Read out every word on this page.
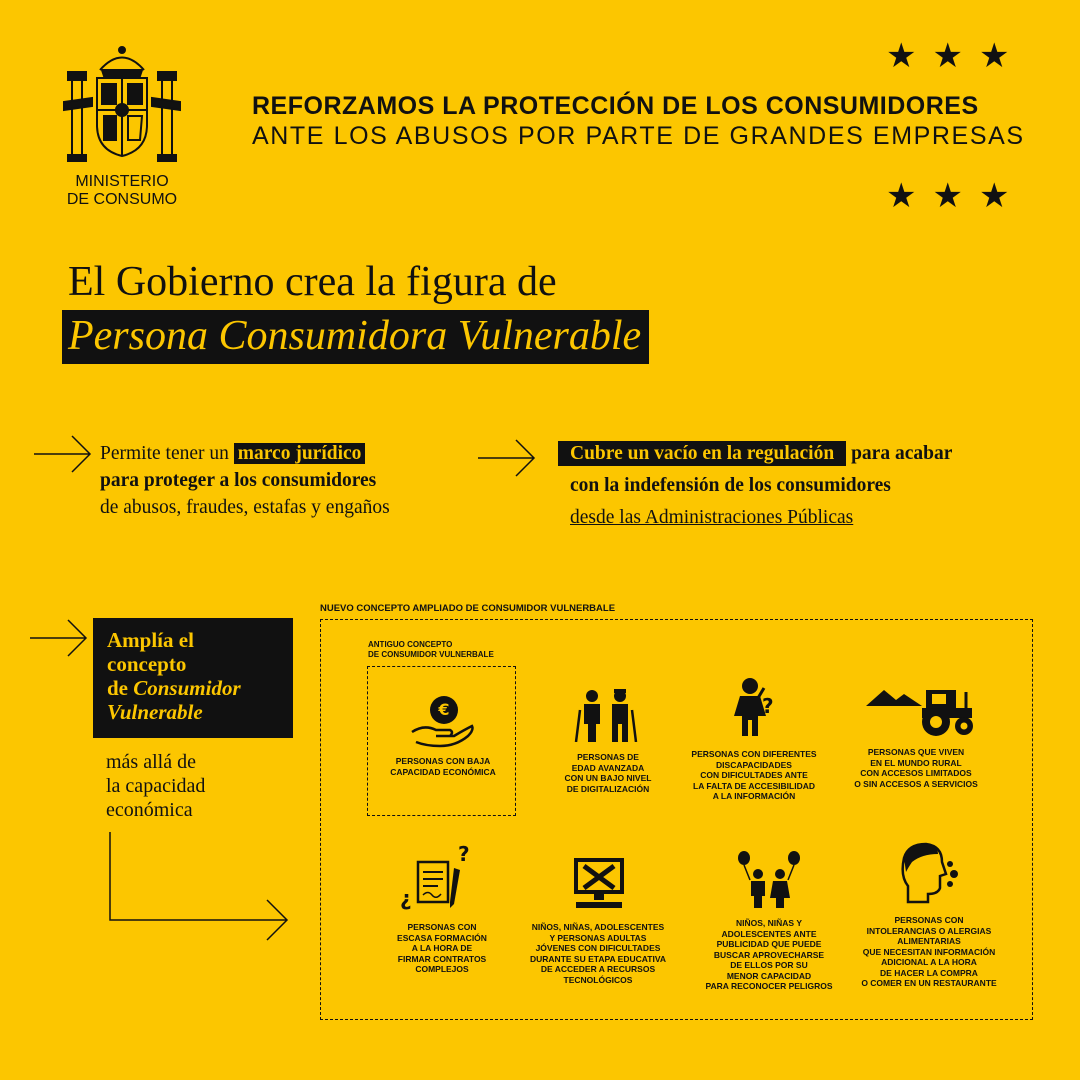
MINISTERIO
DE CONSUMO
★★★
REFORZAMOS LA PROTECCIÓN DE LOS CONSUMIDORES
ANTE LOS ABUSOS POR PARTE DE GRANDES EMPRESAS
★★★
El Gobierno crea la figura de
Persona Consumidora Vulnerable
Permite tener un marco jurídico
para proteger a los consumidores
de abusos, fraudes, estafas y engaños
Cubre un vacío en la regulación para acabar
con la indefensión de los consumidores
desde las Administraciones Públicas
Amplía el
concepto
de Consumidor
Vulnerable
más allá de
la capacidad
económica
NUEVO CONCEPTO AMPLIADO DE CONSUMIDOR VULNERBALE
ANTIGUO CONCEPTO
DE CONSUMIDOR VULNERBALE
€
PERSONAS CON BAJA
CAPACIDAD ECONÓMICA
PERSONAS DE
EDAD AVANZADA
CON UN BAJO NIVEL
DE DIGITALIZACIÓN
?
PERSONAS CON DIFERENTES
DISCAPACIDADES
CON DIFICULTADES ANTE
LA FALTA DE ACCESIBILIDAD
A LA INFORMACIÓN
PERSONAS QUE VIVEN
EN EL MUNDO RURAL
CON ACCESOS LIMITADOS
O SIN ACCESOS A SERVICIOS
¿
?
PERSONAS CON
ESCASA FORMACIÓN
A LA HORA DE
FIRMAR CONTRATOS
COMPLEJOS
NIÑOS, NIÑAS, ADOLESCENTES
Y PERSONAS ADULTAS
JÓVENES CON DIFICULTADES
DURANTE SU ETAPA EDUCATIVA
DE ACCEDER A RECURSOS
TECNOLÓGICOS
NIÑOS, NIÑAS Y
ADOLESCENTES ANTE
PUBLICIDAD QUE PUEDE
BUSCAR APROVECHARSE
DE ELLOS POR SU
MENOR CAPACIDAD
PARA RECONOCER PELIGROS
PERSONAS CON
INTOLERANCIAS O ALERGIAS
ALIMENTARIAS
QUE NECESITAN INFORMACIÓN
ADICIONAL A LA HORA
DE HACER LA COMPRA
O COMER EN UN RESTAURANTE
